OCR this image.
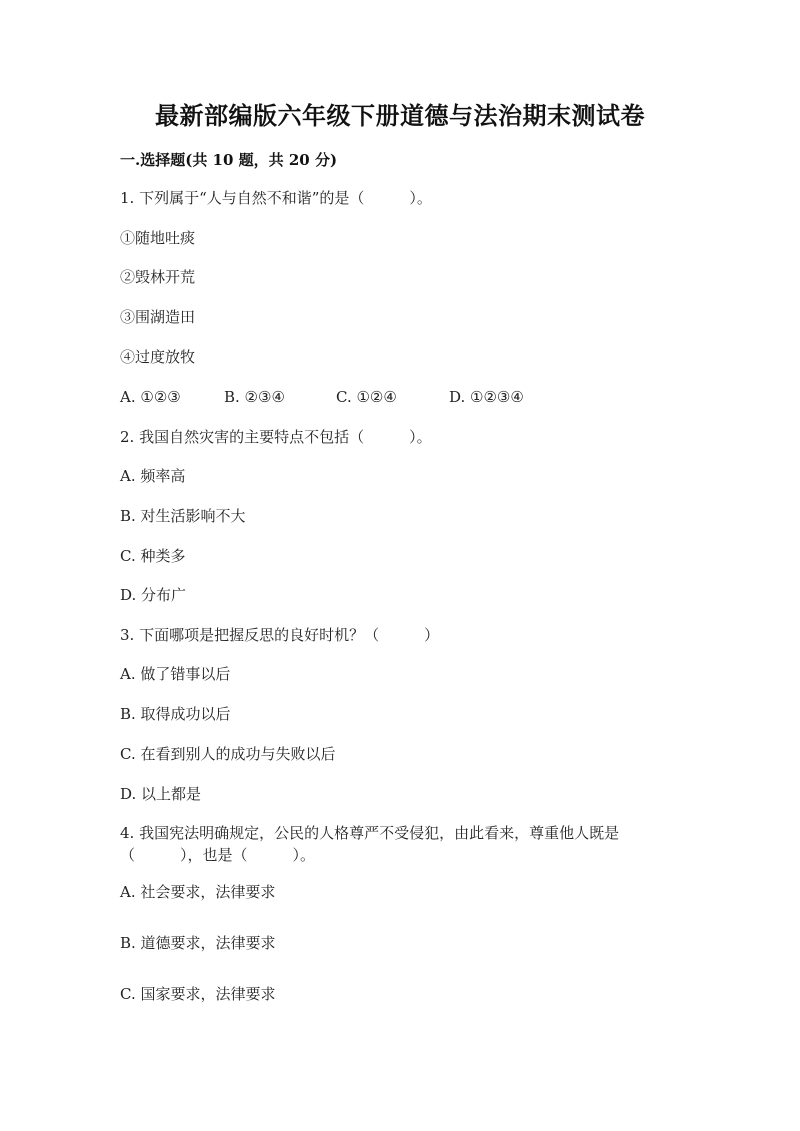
最新部编版六年级下册道德与法治期末测试卷
一.选择题(共 10 题，共 20 分)
1. 下列属于“人与自然不和谐”的是（　　　）。
①随地吐痰
②毁林开荒
③围湖造田
④过度放牧
A. ①②③	B. ②③④	C. ①②④	D. ①②③④
2. 我国自然灾害的主要特点不包括（　　　）。
A. 频率高
B. 对生活影响不大
C. 种类多
D. 分布广
3. 下面哪项是把握反思的良好时机？（　　　）
A. 做了错事以后
B. 取得成功以后
C. 在看到别人的成功与失败以后
D. 以上都是
4. 我国宪法明确规定，公民的人格尊严不受侵犯，由此看来，尊重他人既是
（　　　），也是（　　　）。
A. 社会要求，法律要求
B. 道德要求，法律要求
C. 国家要求，法律要求
